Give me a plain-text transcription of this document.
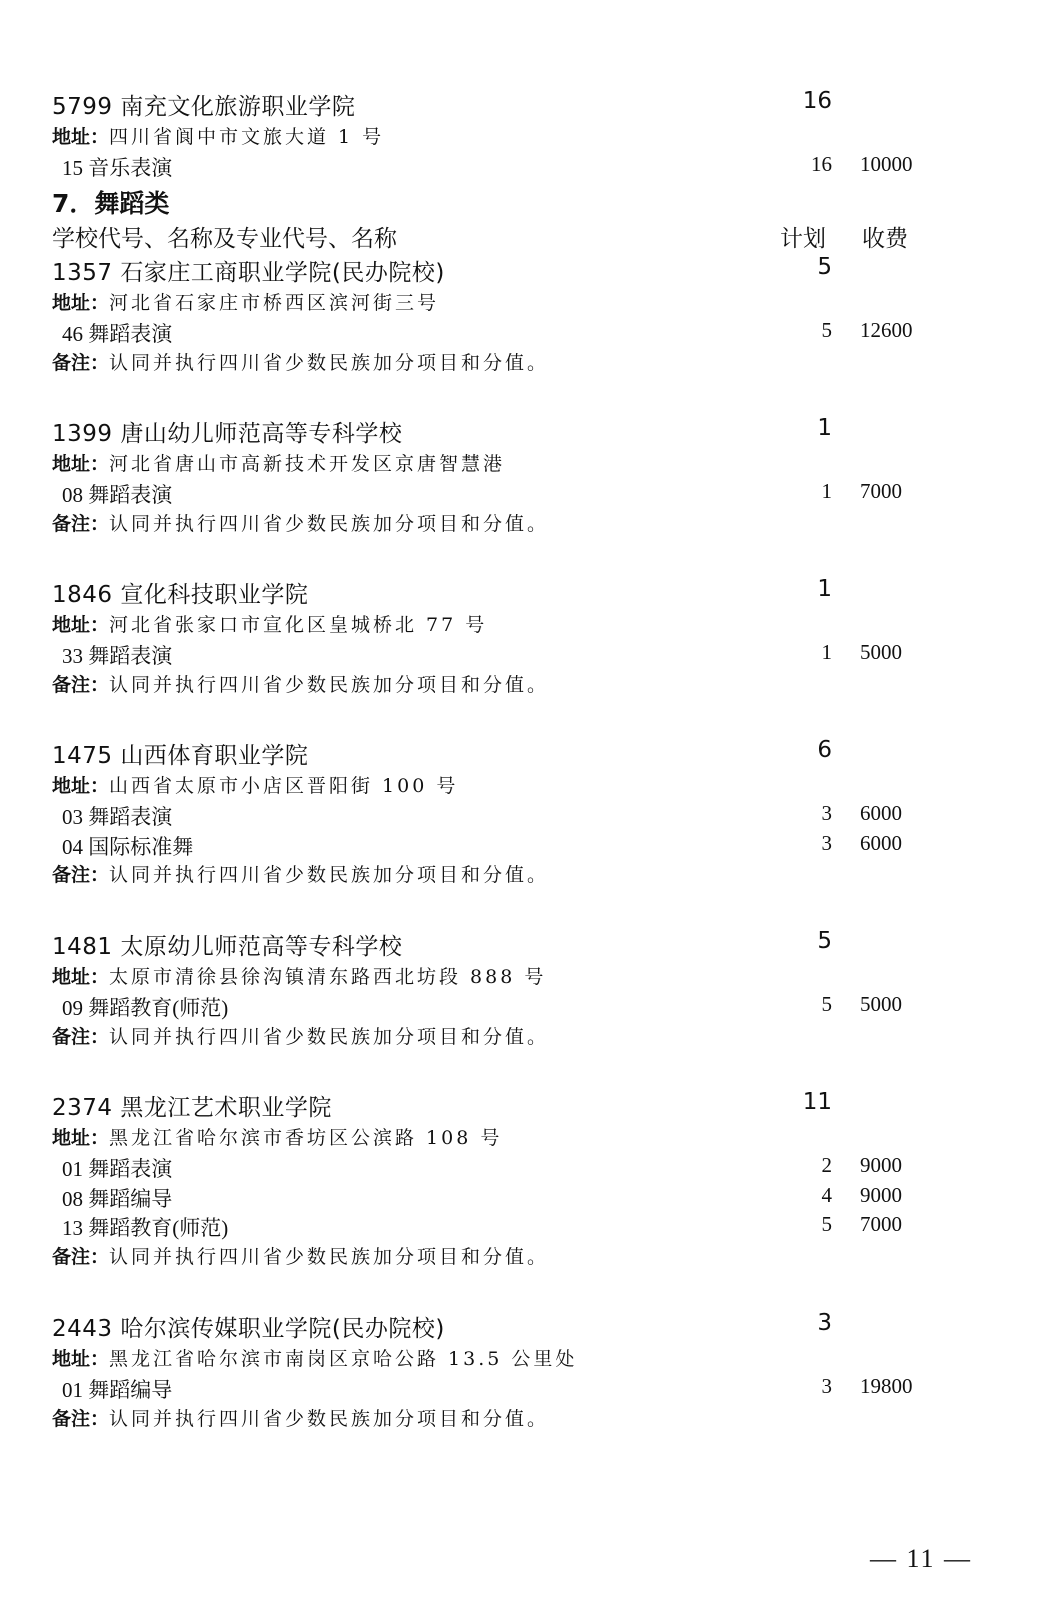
5799 南充文化旅游职业学院	16
地址：四川省阆中市文旅大道 1 号
15 音乐表演	16 10000
7．舞蹈类
学校代号、名称及专业代号、名称	计划 收费
1357 石家庄工商职业学院(民办院校)	5
地址：河北省石家庄市桥西区滨河街三号
46 舞蹈表演	5 12600
备注：认同并执行四川省少数民族加分项目和分值。
1399 唐山幼儿师范高等专科学校	1
地址：河北省唐山市高新技术开发区京唐智慧港
08 舞蹈表演	1 7000
备注：认同并执行四川省少数民族加分项目和分值。
1846 宣化科技职业学院	1
地址：河北省张家口市宣化区皇城桥北 77 号
33 舞蹈表演	1 5000
备注：认同并执行四川省少数民族加分项目和分值。
1475 山西体育职业学院	6
地址：山西省太原市小店区晋阳街 100 号
03 舞蹈表演	3 6000
04 国际标准舞	3 6000
备注：认同并执行四川省少数民族加分项目和分值。
1481 太原幼儿师范高等专科学校	5
地址：太原市清徐县徐沟镇清东路西北坊段 888 号
09 舞蹈教育(师范)	5 5000
备注：认同并执行四川省少数民族加分项目和分值。
2374 黑龙江艺术职业学院	11
地址：黑龙江省哈尔滨市香坊区公滨路 108 号
01 舞蹈表演	2 9000
08 舞蹈编导	4 9000
13 舞蹈教育(师范)	5 7000
备注：认同并执行四川省少数民族加分项目和分值。
2443 哈尔滨传媒职业学院(民办院校)	3
地址：黑龙江省哈尔滨市南岗区京哈公路 13.5 公里处
01 舞蹈编导	3 19800
备注：认同并执行四川省少数民族加分项目和分值。
— 11 —
